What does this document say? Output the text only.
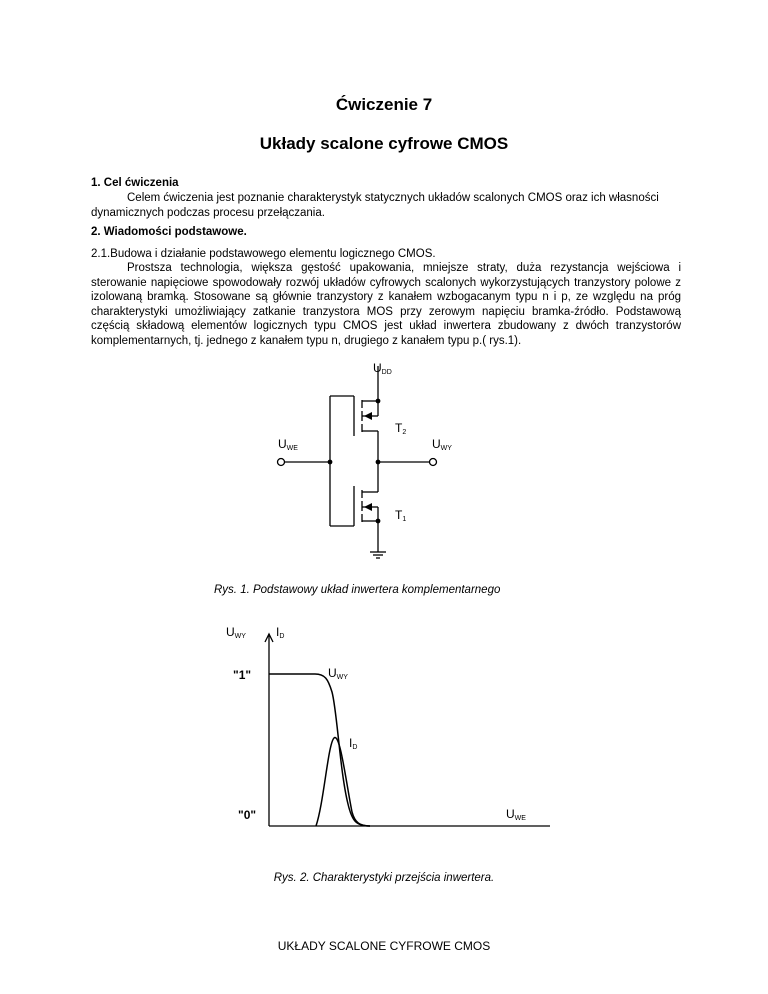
Ćwiczenie 7
Układy scalone cyfrowe CMOS
1. Cel ćwiczenia
Celem ćwiczenia jest poznanie charakterystyk statycznych układów scalonych CMOS oraz ich własności dynamicznych podczas procesu przełączania.
2. Wiadomości podstawowe.
2.1.Budowa i działanie podstawowego elementu logicznego CMOS.
Prostsza technologia, większa gęstość upakowania, mniejsze straty, duża rezystancja wejściowa i sterowanie napięciowe spowodowały rozwój układów cyfrowych scalonych wykorzystujących tranzystory polowe z izolowaną bramką. Stosowane są głównie tranzystory z kanałem wzbogacanym typu n i p, ze względu na próg charakterystyki umożliwiający zatkanie tranzystora MOS przy zerowym napięciu bramka-źródło. Podstawową częścią składową elementów logicznych typu CMOS jest układ inwertera zbudowany z dwóch tranzystorów komplementarnych, tj. jednego z kanałem typu n, drugiego z kanałem typu p.( rys.1).
UDD
T2
T1
UWE	UWY
Rys. 1. Podstawowy układ inwertera komplementarnego
UWY	ID
"1"
"0"
UWY
ID
UWE
Rys. 2. Charakterystyki przejścia inwertera.
UKŁADY SCALONE CYFROWE CMOS
